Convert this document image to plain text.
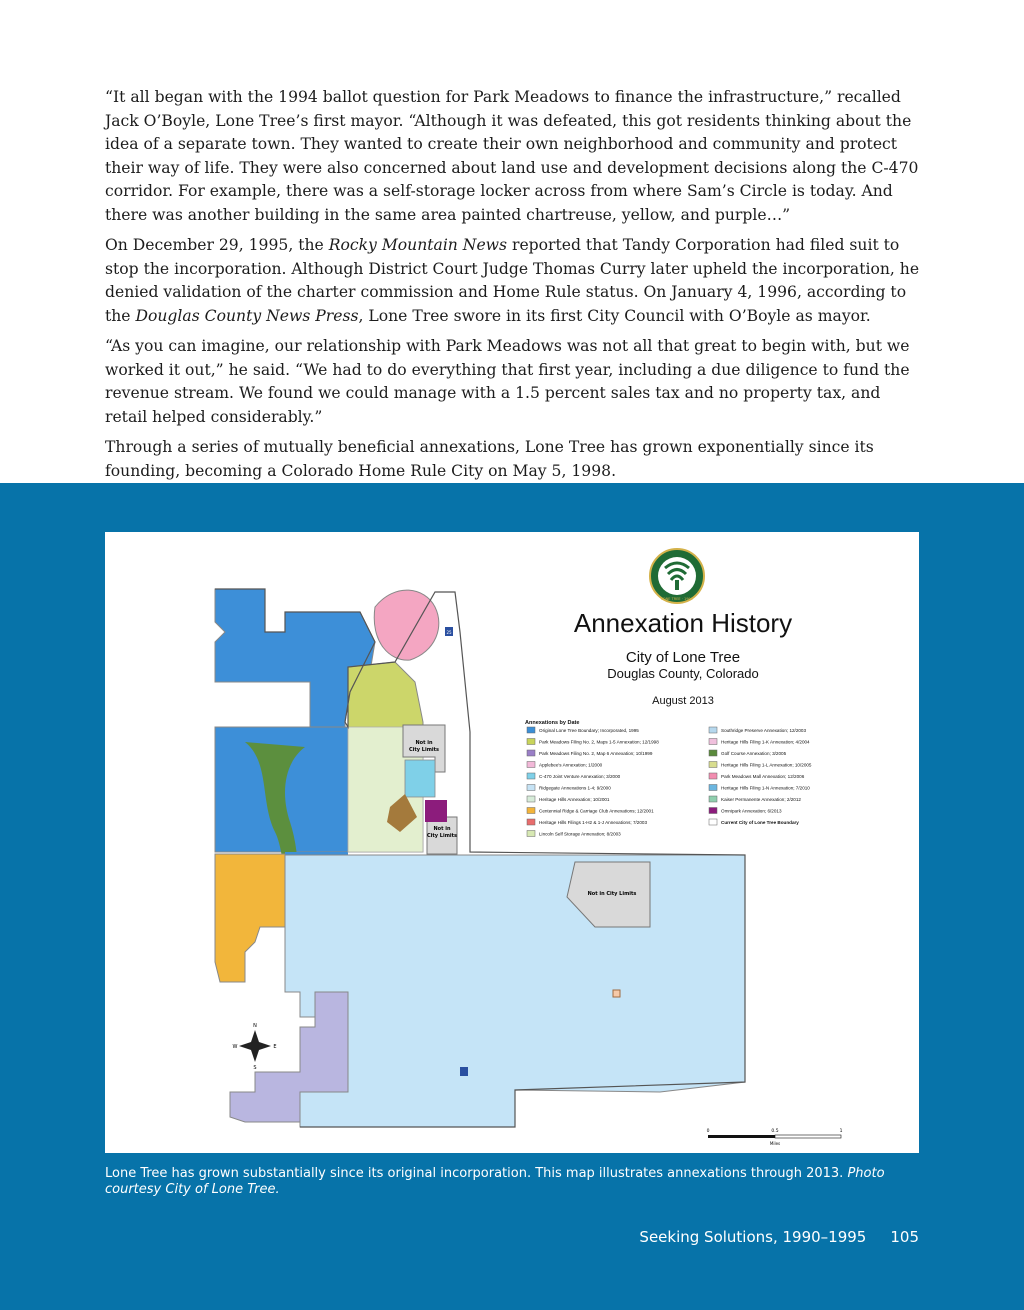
“It all began with the 1994 ballot question for Park Meadows to finance the infrastructure,” recalled Jack O’Boyle, Lone Tree’s first mayor. “Although it was defeated, this got residents thinking about the idea of a separate town. They wanted to create their own neighborhood and community and protect their way of life. They were also concerned about land use and development decisions along the C-470 corridor. For example, there was a self-storage locker across from where Sam’s Circle is today. And there was another building in the same area painted chartreuse, yellow, and purple…”

On December 29, 1995, the Rocky Mountain News reported that Tandy Corporation had filed suit to stop the incorporation. Although District Court Judge Thomas Curry later upheld the incorporation, he denied validation of the charter commission and Home Rule status. On January 4, 1996, according to the Douglas County News Press, Lone Tree swore in its first City Council with O’Boyle as mayor.

“As you can imagine, our relationship with Park Meadows was not all that great to begin with, but we worked it out,” he said. “We had to do everything that first year, including a due diligence to fund the revenue stream. We found we could manage with a 1.5 percent sales tax and no property tax, and retail helped considerably.”

Through a series of mutually beneficial annexations, Lone Tree has grown exponentially since its founding, becoming a Colorado Home Rule City on May 5, 1998.

Not in
City Limits
Not in
City Limits
Not in City Limits
LONE TREE · 1995
Annexation History
City of Lone Tree
Douglas County, Colorado
August 2013
Annexations by Date
Original Lone Tree Boundary; Incorporated, 1995
Park Meadows Filing No. 2, Maps 1-5 Annexation; 12/1998
Park Meadows Filing No. 2, Map 6 Annexation; 10/1999
Applebee's Annexation; 1/2000
C-470 Joint Venture Annexation; 3/2000
Ridgegate Annexations 1-4; 9/2000
Heritage Hills Annexation; 10/2001
Centennial Ridge & Carriage Club Annexations; 12/2001
Heritage Hills Filings 1-H2 & 1-J Annexations; 7/2003
Lincoln Self Storage Annexation; 8/2003
Southridge Preserve Annexation; 12/2003
Heritage Hills Filing 1-K Annexation; 4/2004
Golf Course Annexation; 3/2005
Heritage Hills Filing 1-L Annexation; 10/2005
Park Meadows Mall Annexation; 12/2006
Heritage Hills Filing 1-N Annexation; 7/2010
Kaiser Permanente Annexation; 2/2012
Omnipark Annexation; 6/2013
Current City of Lone Tree Boundary
N
S
E
W
0	0.5	1
Miles
25
Lone Tree has grown substantially since its original incorporation. This map illustrates annexations through 2013. Photo courtesy City of Lone Tree.
Seeking Solutions, 1990–1995 105
